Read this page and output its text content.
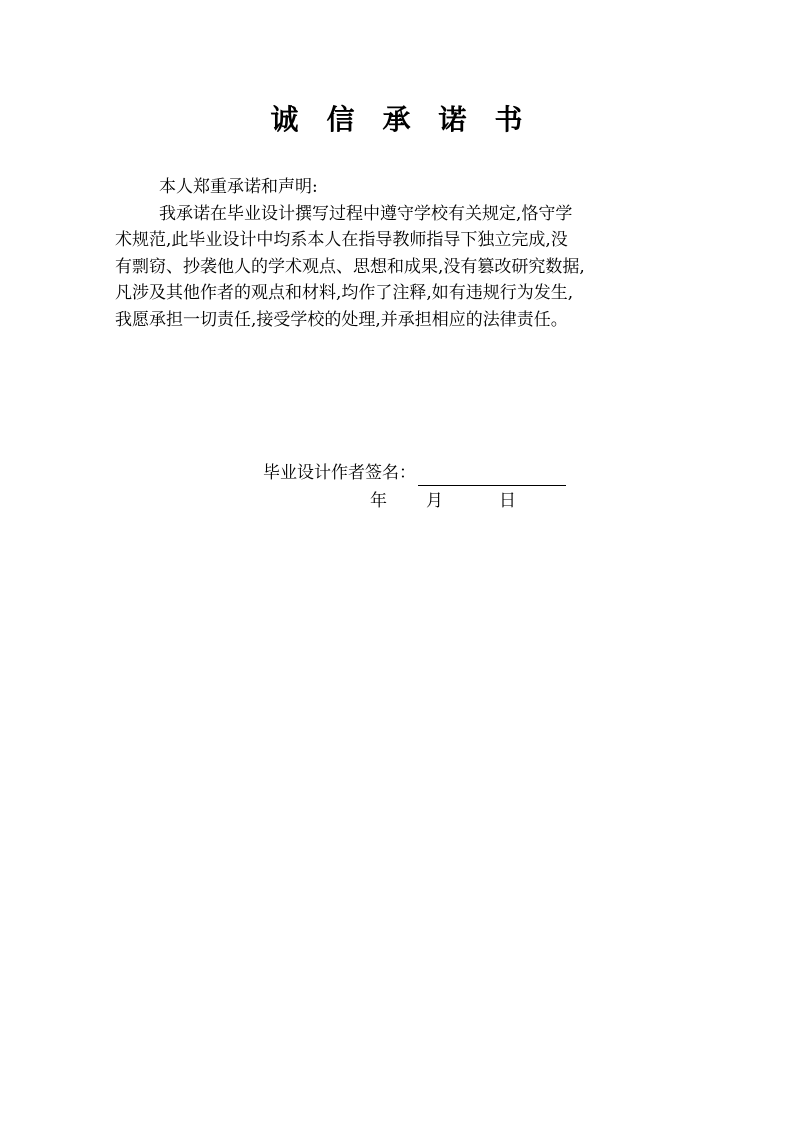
诚信承诺书

本人郑重承诺和声明:

我承诺在毕业设计撰写过程中遵守学校有关规定,恪守学

术规范,此毕业设计中均系本人在指导教师指导下独立完成,没

有剽窃、抄袭他人的学术观点、思想和成果,没有篡改研究数据,

凡涉及其他作者的观点和材料,均作了注释,如有违规行为发生,

我愿承担一切责任,接受学校的处理,并承担相应的法律责任。

毕业设计作者签名：
年 月	日
